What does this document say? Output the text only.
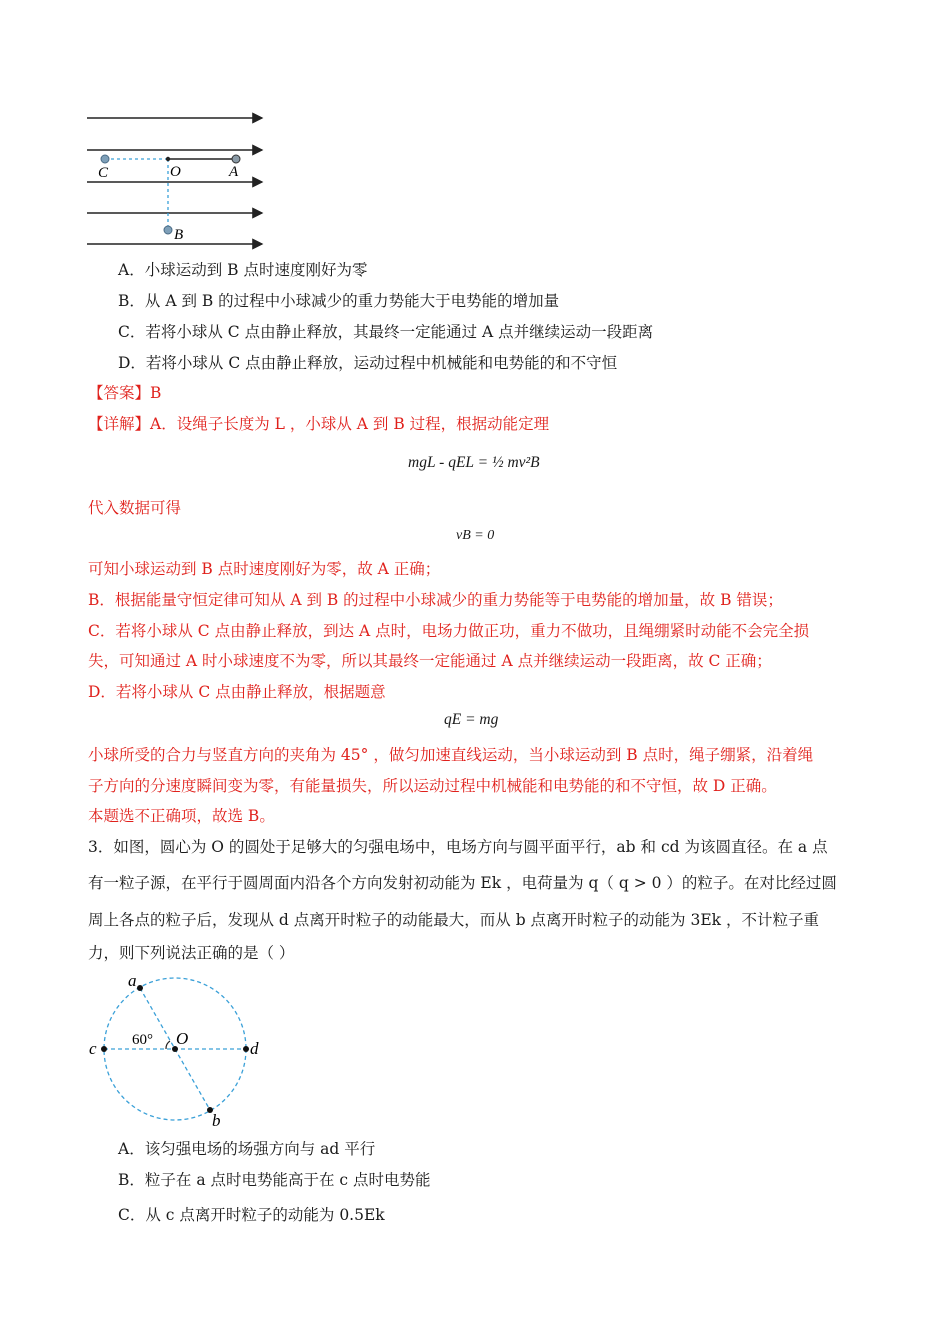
C	O	A
B
A．小球运动到 B 点时速度刚好为零
B．从 A 到 B 的过程中小球减少的重力势能大于电势能的增加量
C．若将小球从 C 点由静止释放，其最终一定能通过 A 点并继续运动一段距离
D．若将小球从 C 点由静止释放，运动过程中机械能和电势能的和不守恒
【答案】B
【详解】A．设绳子长度为 L ，小球从 A 到 B 过程，根据动能定理
mgL - qEL = ½ mv²B
代入数据可得
vB = 0
可知小球运动到 B 点时速度刚好为零，故 A 正确；
B．根据能量守恒定律可知从 A 到 B 的过程中小球减少的重力势能等于电势能的增加量，故 B 错误；
C．若将小球从 C 点由静止释放，到达 A 点时，电场力做正功，重力不做功，且绳绷紧时动能不会完全损
失，可知通过 A 时小球速度不为零，所以其最终一定能通过 A 点并继续运动一段距离，故 C 正确；
D．若将小球从 C 点由静止释放，根据题意
qE = mg
小球所受的合力与竖直方向的夹角为 45° ，做匀加速直线运动，当小球运动到 B 点时，绳子绷紧，沿着绳
子方向的分速度瞬间变为零，有能量损失，所以运动过程中机械能和电势能的和不守恒，故 D 正确。
本题选不正确项，故选 B。
3．如图，圆心为 O 的圆处于足够大的匀强电场中，电场方向与圆平面平行，ab 和 cd 为该圆直径。在 a 点
有一粒子源，在平行于圆周面内沿各个方向发射初动能为 Ek ，电荷量为 q（ q > 0 ）的粒子。在对比经过圆
周上各点的粒子后，发现从 d 点离开时粒子的动能最大，而从 b 点离开时粒子的动能为 3Ek ，不计粒子重
力，则下列说法正确的是（ ）
a
b
c	d
O
60°
A．该匀强电场的场强方向与 ad 平行
B．粒子在 a 点时电势能高于在 c 点时电势能
C．从 c 点离开时粒子的动能为 0.5Ek
